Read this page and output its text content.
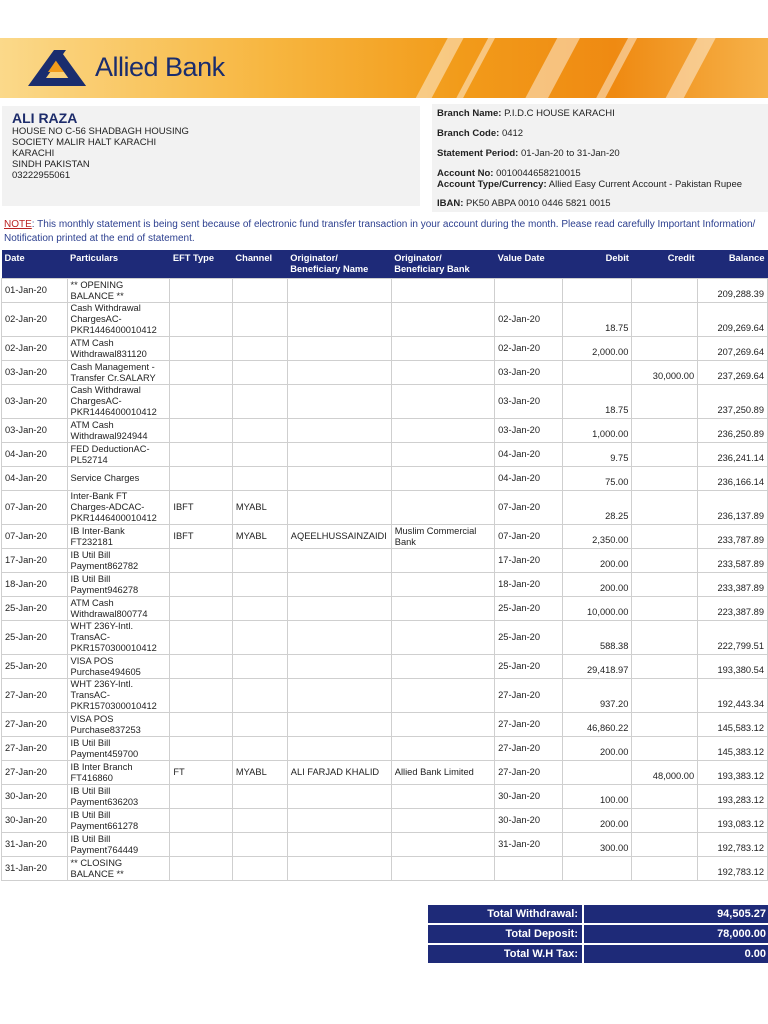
Allied Bank
ALI RAZA
HOUSE NO C-56 SHADBAGH HOUSING
SOCIETY MALIR HALT KARACHI
KARACHI
SINDH PAKISTAN
03222955061
Branch Name: P.I.D.C HOUSE KARACHI
Branch Code: 0412
Statement Period: 01-Jan-20 to 31-Jan-20
Account No: 0010044658210015
Account Type/Currency: Allied Easy Current Account - Pakistan Rupee
IBAN: PK50 ABPA 0010 0446 5821 0015
NOTE: This monthly statement is being sent because of electronic fund transfer transaction in your account during the month. Please read carefully Important Information/ Notification printed at the end of statement.
Date	Particulars	EFT Type	Channel	Originator/ Beneficiary Name	Originator/ Beneficiary Bank	Value Date	Debit	Credit	Balance
01-Jan-20	** OPENING BALANCE **								209,288.39
02-Jan-20	Cash Withdrawal ChargesAC-PKR1446400010412					02-Jan-20	18.75		209,269.64
02-Jan-20	ATM Cash Withdrawal831120					02-Jan-20	2,000.00		207,269.64
03-Jan-20	Cash Management - Transfer Cr.SALARY					03-Jan-20		30,000.00	237,269.64
03-Jan-20	Cash Withdrawal ChargesAC-PKR1446400010412					03-Jan-20	18.75		237,250.89
03-Jan-20	ATM Cash Withdrawal924944					03-Jan-20	1,000.00		236,250.89
04-Jan-20	FED DeductionAC-PL52714					04-Jan-20	9.75		236,241.14
04-Jan-20	Service Charges					04-Jan-20	75.00		236,166.14
07-Jan-20	Inter-Bank FT Charges-ADCAC-PKR1446400010412	IBFT	MYABL			07-Jan-20	28.25		236,137.89
07-Jan-20	IB Inter-Bank FT232181	IBFT	MYABL	AQEELHUSSAINZAIDI	Muslim Commercial Bank	07-Jan-20	2,350.00		233,787.89
17-Jan-20	IB Util Bill Payment862782					17-Jan-20	200.00		233,587.89
18-Jan-20	IB Util Bill Payment946278					18-Jan-20	200.00		233,387.89
25-Jan-20	ATM Cash Withdrawal800774					25-Jan-20	10,000.00		223,387.89
25-Jan-20	WHT 236Y-Intl. TransAC-PKR1570300010412					25-Jan-20	588.38		222,799.51
25-Jan-20	VISA POS Purchase494605					25-Jan-20	29,418.97		193,380.54
27-Jan-20	WHT 236Y-Intl. TransAC-PKR1570300010412					27-Jan-20	937.20		192,443.34
27-Jan-20	VISA POS Purchase837253					27-Jan-20	46,860.22		145,583.12
27-Jan-20	IB Util Bill Payment459700					27-Jan-20	200.00		145,383.12
27-Jan-20	IB Inter Branch FT416860	FT	MYABL	ALI FARJAD KHALID	Allied Bank Limited	27-Jan-20		48,000.00	193,383.12
30-Jan-20	IB Util Bill Payment636203					30-Jan-20	100.00		193,283.12
30-Jan-20	IB Util Bill Payment661278					30-Jan-20	200.00		193,083.12
31-Jan-20	IB Util Bill Payment764449					31-Jan-20	300.00		192,783.12
31-Jan-20	** CLOSING BALANCE **								192,783.12
Total Withdrawal:	94,505.27
Total Deposit:	78,000.00
Total W.H Tax:	0.00
